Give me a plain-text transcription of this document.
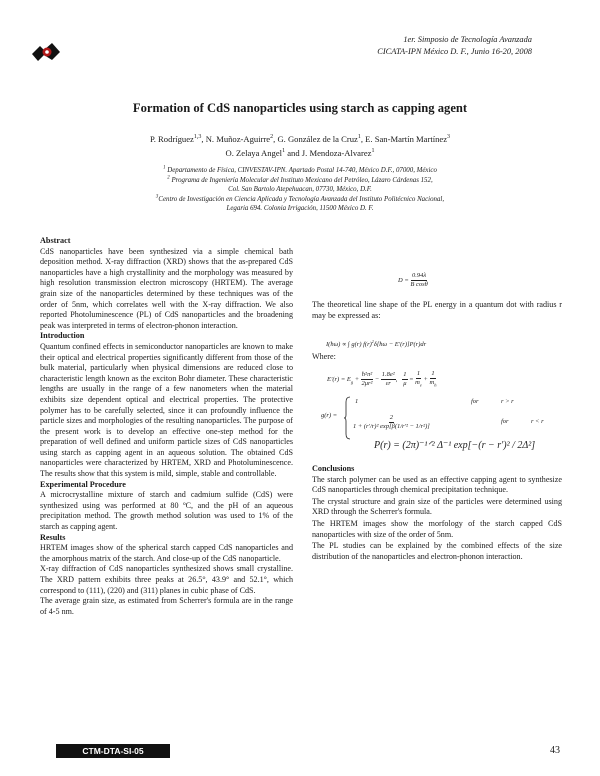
1er. Simposio de Tecnología Avanzada
CICATA-IPN México D. F., Junio 16-20, 2008
Formation of CdS nanoparticles using starch as capping agent
P. Rodríguez$^{1,3}$, N. Muñoz-Aguirre$^2$, G. González de la Cruz$^1$, E. San-Martín Martínez$^3$
O. Zelaya Angel$^1$ and J. Mendoza-Alvarez$^1$
$^1$ Departamento de Física, CINVESTAV-IPN. Apartado Postal 14-740, México D.F., 07000, México
$^2$ Programa de Ingeniería Molecular del Instituto Mexicano del Petróleo, Lázaro Cárdenas 152,
Col. San Bartolo Atepehuacan, 07730, México, D.F.
$^3$Centro de Investigación en Ciencia Aplicada y Tecnología Avanzada del Instituto Politécnico Nacional,
Legaria 694. Colonia Irrigación, 11500 México D. F.

Abstract

CdS nanoparticles have been synthesized via a simple chemical bath deposition method. X-ray diffraction (XRD) shows that the as-prepared CdS nanoparticles have a high crystallinity and the morphology was measured by high resolution transmission electron microscopy (HRTEM). The average grain size of the nanoparticles determined by these techniques was of the order of 5nm, which correlates well with the X-ray diffraction. We also reported Photoluminescence (PL) of CdS nanoparticles and the broadening peak was interpreted in terms of electron-phonon interaction.

Introduction

Quantum confined effects in semiconductor nanoparticles are known to make their optical and electrical properties significantly different from those of the bulk material, particularly when physical dimensions are reduced close to characteristic length known as the exciton Bohr diameter. These characteristic lengths are usually in the range of a few nanometers when the material exhibits size dependent optical and electrical properties. The protective polymer has to be carefully selected, since it can profoundly influence the particle sizes and morphologies of the resulting nanoparticles. The purpose of the present work is to develop an effective one-step method for the preparation of well defined and uniform particle sizes of CdS nanoparticles using starch as capping agent in an aqueous solution. The obtained CdS nanoparticles were characterized by HRTEM, XRD and Photoluminescence. The results show that this system is mild, simple, stable and controllable.

Experimental Procedure

A microcrystalline mixture of starch and cadmium sulfide (CdS) were synthesized using was performed at 80 ºC, and the pH of an aqueous precipitation method. The growth method solution was used to 1% of the starch as capping agent.

Results

HRTEM images show of the spherical starch capped CdS nanoparticles and the amorphous matrix of the starch. And close-up of the CdS nanoparticle.

X-ray diffraction of CdS nanoparticles synthesized shows small crystalline. The XRD pattern exhibits three peaks at 26.5°, 43.9° and 52.1°, which correspond to (111), (220) and (311) planes in cubic phase of CdS.

The average grain size, as estimated from Scherrer's formula are in the range of 4-5 nm.

$D = \frac{0.94\lambda}{\text{B cosθ}}$

The theoretical line shape of the PL energy in a quantum dot with radius r may be expressed as:

I(ħω) ∝ ∫ g(r) $f(r)^2\delta[ħ\omega - E'(r)]P(r)dr$
Where:
$E'(r) = E_g + \frac{\text{ħ²π²}}{\text{2μr²}} - \frac{\text{1.8e²}}{\varepsilon r}$ , $\frac{1}{\mu} = \frac{1}{m_e} + \frac{1}{m_h}$
g(r) =
1	for	r > r
$\frac{2}{\text{1 + (r'/r)² exp[β(1/r'² − 1/r²)]}}$	for	r < r
P(r) = (2π)⁻¹ᐟ² Δ⁻¹ exp[−(r − r')² / 2Δ²]

Conclusions

The starch polymer can be used as an effective capping agent to synthesize CdS nanoparticles through chemical precipitation technique.

The crystal structure and grain size of the particles were determined using XRD through the Scherrer's formula.

The HRTEM images show the morfology of the starch capped CdS nanoparticles with size of the order of 5nm.

The PL studies can be explained by the combined effects of the size distribution of the nanoparticles and electron-phonon interaction.

CTM-DTA-SI-05	43
